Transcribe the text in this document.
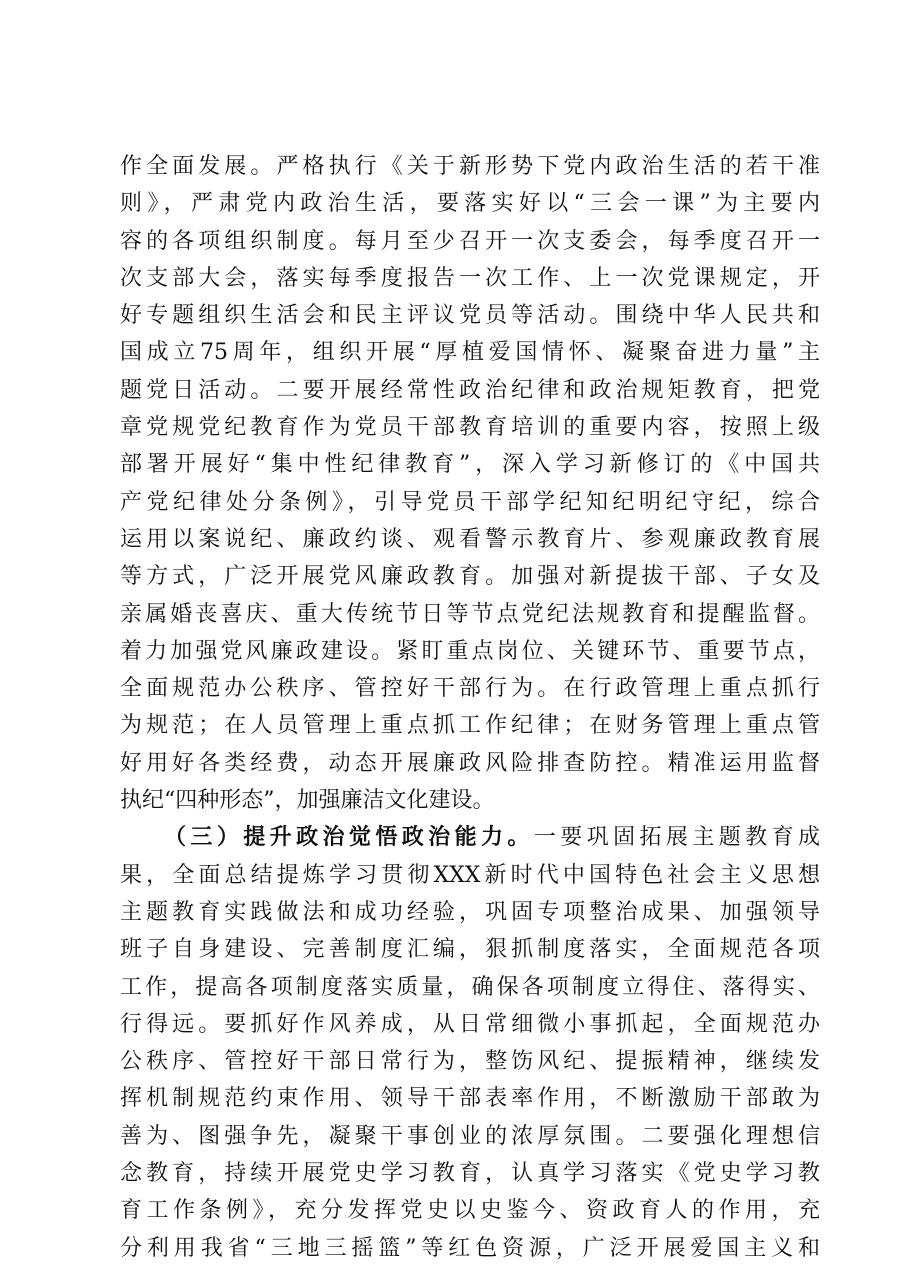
作全面发展。严格执行《关于新形势下党内政治生活的若干准
则》，严肃党内政治生活，要落实好以“三会一课”为主要内
容的各项组织制度。每月至少召开一次支委会，每季度召开一
次支部大会，落实每季度报告一次工作、上一次党课规定，开
好专题组织生活会和民主评议党员等活动。围绕中华人民共和
国成立75周年，组织开展“厚植爱国情怀、凝聚奋进力量”主
题党日活动。二要开展经常性政治纪律和政治规矩教育，把党
章党规党纪教育作为党员干部教育培训的重要内容，按照上级
部署开展好“集中性纪律教育”，深入学习新修订的《中国共
产党纪律处分条例》，引导党员干部学纪知纪明纪守纪，综合
运用以案说纪、廉政约谈、观看警示教育片、参观廉政教育展
等方式，广泛开展党风廉政教育。加强对新提拔干部、子女及
亲属婚丧喜庆、重大传统节日等节点党纪法规教育和提醒监督。
着力加强党风廉政建设。紧盯重点岗位、关键环节、重要节点，
全面规范办公秩序、管控好干部行为。在行政管理上重点抓行
为规范；在人员管理上重点抓工作纪律；在财务管理上重点管
好用好各类经费，动态开展廉政风险排查防控。精准运用监督
执纪“四种形态”，加强廉洁文化建设。
（三）提升政治觉悟政治能力。一要巩固拓展主题教育成
果，全面总结提炼学习贯彻XXX新时代中国特色社会主义思想
主题教育实践做法和成功经验，巩固专项整治成果、加强领导
班子自身建设、完善制度汇编，狠抓制度落实，全面规范各项
工作，提高各项制度落实质量，确保各项制度立得住、落得实、
行得远。要抓好作风养成，从日常细微小事抓起，全面规范办
公秩序、管控好干部日常行为，整饬风纪、提振精神，继续发
挥机制规范约束作用、领导干部表率作用，不断激励干部敢为
善为、图强争先，凝聚干事创业的浓厚氛围。二要强化理想信
念教育，持续开展党史学习教育，认真学习落实《党史学习教
育工作条例》，充分发挥党史以史鉴今、资政育人的作用，充
分利用我省“三地三摇篮”等红色资源，广泛开展爱国主义和
